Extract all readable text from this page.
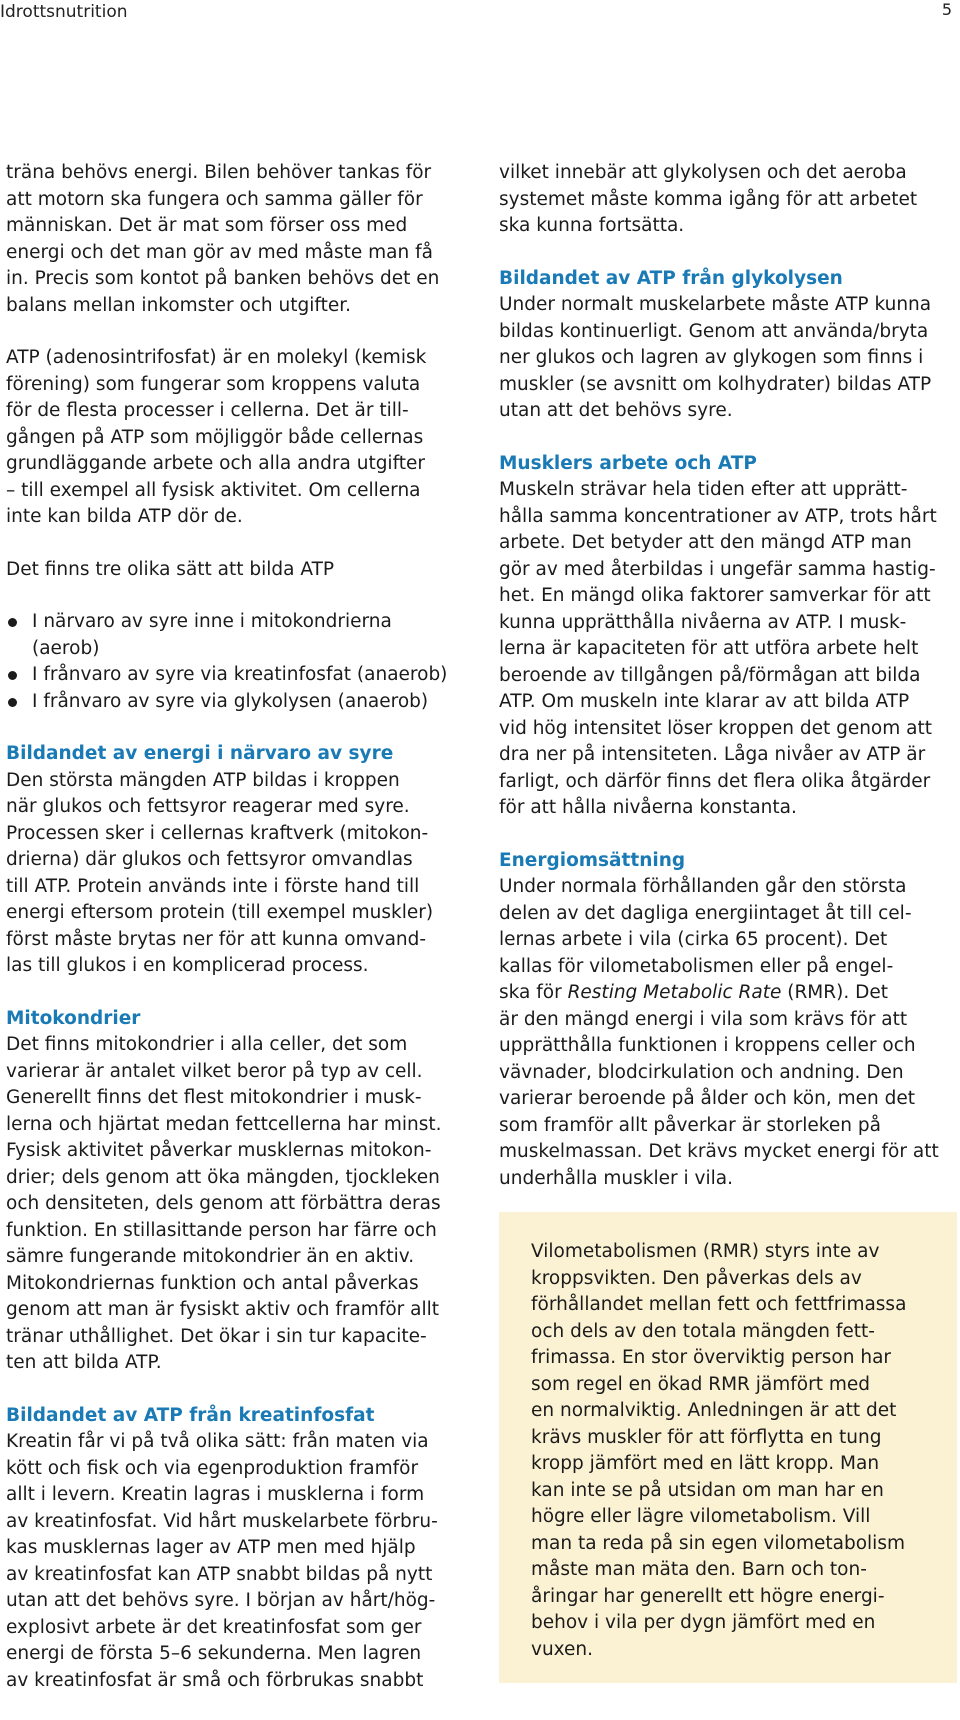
Idrottsnutrition	5

träna behövs energi. Bilen behöver tankas för
att motorn ska fungera och samma gäller för
människan. Det är mat som förser oss med
energi och det man gör av med måste man få
in. Precis som kontot på banken behövs det en
balans mellan inkomster och utgifter.

ATP (adenosintrifosfat) är en molekyl (kemisk
förening) som fungerar som kroppens valuta
för de flesta processer i cellerna. Det är till-
gången på ATP som möjliggör både cellernas
grundläggande arbete och alla andra utgifter
– till exempel all fysisk aktivitet. Om cellerna
inte kan bilda ATP dör de.

Det finns tre olika sätt att bilda ATP

I närvaro av syre inne i mitokondrierna
(aerob)
I frånvaro av syre via kreatinfosfat (anaerob)
I frånvaro av syre via glykolysen (anaerob)
Bildandet av energi i närvaro av syre
Den största mängden ATP bildas i kroppen
när glukos och fettsyror reagerar med syre.
Processen sker i cellernas kraftverk (mitokon-
drierna) där glukos och fettsyror omvandlas
till ATP. Protein används inte i förste hand till
energi eftersom protein (till exempel muskler)
först måste brytas ner för att kunna omvand-
las till glukos i en komplicerad process.
Mitokondrier
Det finns mitokondrier i alla celler, det som
varierar är antalet vilket beror på typ av cell.
Generellt finns det flest mitokondrier i musk-
lerna och hjärtat medan fettcellerna har minst.
Fysisk aktivitet påverkar musklernas mitokon-
drier; dels genom att öka mängden, tjockleken
och densiteten, dels genom att förbättra deras
funktion. En stillasittande person har färre och
sämre fungerande mitokondrier än en aktiv.
Mitokondriernas funktion och antal påverkas
genom att man är fysiskt aktiv och framför allt
tränar uthållighet. Det ökar i sin tur kapacite-
ten att bilda ATP.
Bildandet av ATP från kreatinfosfat
Kreatin får vi på två olika sätt: från maten via
kött och fisk och via egenproduktion framför
allt i levern. Kreatin lagras i musklerna i form
av kreatinfosfat. Vid hårt muskelarbete förbru-
kas musklernas lager av ATP men med hjälp
av kreatinfosfat kan ATP snabbt bildas på nytt
utan att det behövs syre. I början av hårt/hög-
explosivt arbete är det kreatinfosfat som ger
energi de första 5–6 sekunderna. Men lagren
av kreatinfosfat är små och förbrukas snabbt

vilket innebär att glykolysen och det aeroba
systemet måste komma igång för att arbetet
ska kunna fortsätta.

Bildandet av ATP från glykolysen
Under normalt muskelarbete måste ATP kunna
bildas kontinuerligt. Genom att använda/bryta
ner glukos och lagren av glykogen som finns i
muskler (se avsnitt om kolhydrater) bildas ATP
utan att det behövs syre.
Musklers arbete och ATP
Muskeln strävar hela tiden efter att upprätt-
hålla samma koncentrationer av ATP, trots hårt
arbete. Det betyder att den mängd ATP man
gör av med återbildas i ungefär samma hastig-
het. En mängd olika faktorer samverkar för att
kunna upprätthålla nivåerna av ATP. I musk-
lerna är kapaciteten för att utföra arbete helt
beroende av tillgången på/förmågan att bilda
ATP. Om muskeln inte klarar av att bilda ATP
vid hög intensitet löser kroppen det genom att
dra ner på intensiteten. Låga nivåer av ATP är
farligt, och därför finns det flera olika åtgärder
för att hålla nivåerna konstanta.
Energiomsättning
Under normala förhållanden går den största
delen av det dagliga energiintaget åt till cel-
lernas arbete i vila (cirka 65 procent). Det
kallas för vilometabolismen eller på engel-
ska för Resting Metabolic Rate (RMR). Det
är den mängd energi i vila som krävs för att
upprätthålla funktionen i kroppens celler och
vävnader, blodcirkulation och andning. Den
varierar beroende på ålder och kön, men det
som framför allt påverkar är storleken på
muskelmassan. Det krävs mycket energi för att
underhålla muskler i vila.
Vilometabolismen (RMR) styrs inte av
kroppsvikten. Den påverkas dels av
förhållandet mellan fett och fettfrimassa
och dels av den totala mängden fett-
frimassa. En stor överviktig person har
som regel en ökad RMR jämfört med
en normalviktig. Anledningen är att det
krävs muskler för att förflytta en tung
kropp jämfört med en lätt kropp. Man
kan inte se på utsidan om man har en
högre eller lägre vilometabolism. Vill
man ta reda på sin egen vilometabolism
måste man mäta den. Barn och ton-
åringar har generellt ett högre energi-
behov i vila per dygn jämfört med en
vuxen.
